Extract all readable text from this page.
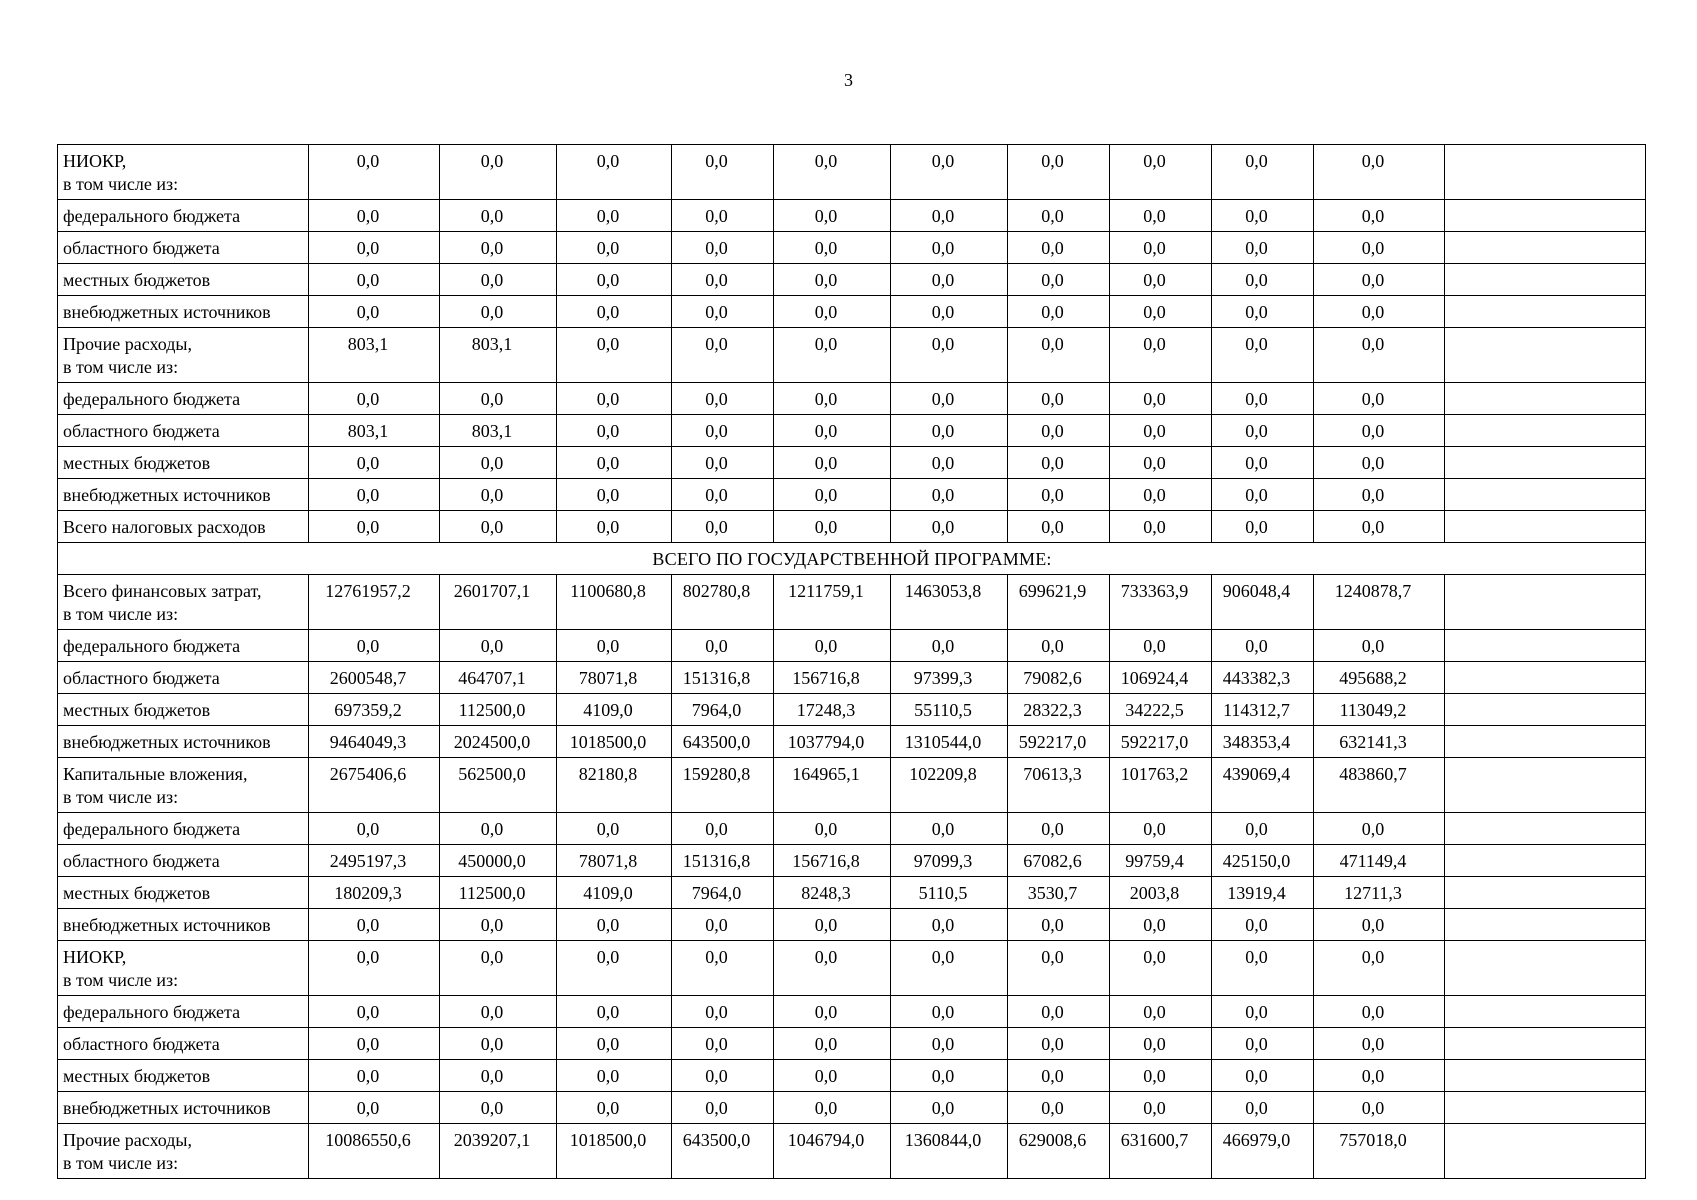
3
НИОКР,
в том числе из:	0,0	0,0	0,0	0,0	0,0	0,0	0,0	0,0	0,0	0,0	

федерального бюджета	0,0	0,0	0,0	0,0	0,0	0,0	0,0	0,0	0,0	0,0	

областного бюджета	0,0	0,0	0,0	0,0	0,0	0,0	0,0	0,0	0,0	0,0	

местных бюджетов	0,0	0,0	0,0	0,0	0,0	0,0	0,0	0,0	0,0	0,0	

внебюджетных источников	0,0	0,0	0,0	0,0	0,0	0,0	0,0	0,0	0,0	0,0	

Прочие расходы,
в том числе из:	803,1	803,1	0,0	0,0	0,0	0,0	0,0	0,0	0,0	0,0	

федерального бюджета	0,0	0,0	0,0	0,0	0,0	0,0	0,0	0,0	0,0	0,0	

областного бюджета	803,1	803,1	0,0	0,0	0,0	0,0	0,0	0,0	0,0	0,0	

местных бюджетов	0,0	0,0	0,0	0,0	0,0	0,0	0,0	0,0	0,0	0,0	

внебюджетных источников	0,0	0,0	0,0	0,0	0,0	0,0	0,0	0,0	0,0	0,0	

Всего налоговых расходов	0,0	0,0	0,0	0,0	0,0	0,0	0,0	0,0	0,0	0,0	
ВСЕГО ПО ГОСУДАРСТВЕННОЙ ПРОГРАММЕ:											

Всего финансовых затрат,
в том числе из:	12761957,2	2601707,1	1100680,8	802780,8	1211759,1	1463053,8	699621,9	733363,9	906048,4	1240878,7	

федерального бюджета	0,0	0,0	0,0	0,0	0,0	0,0	0,0	0,0	0,0	0,0	

областного бюджета	2600548,7	464707,1	78071,8	151316,8	156716,8	97399,3	79082,6	106924,4	443382,3	495688,2	

местных бюджетов	697359,2	112500,0	4109,0	7964,0	17248,3	55110,5	28322,3	34222,5	114312,7	113049,2	

внебюджетных источников	9464049,3	2024500,0	1018500,0	643500,0	1037794,0	1310544,0	592217,0	592217,0	348353,4	632141,3	

Капитальные вложения,
в том числе из:	2675406,6	562500,0	82180,8	159280,8	164965,1	102209,8	70613,3	101763,2	439069,4	483860,7	

федерального бюджета	0,0	0,0	0,0	0,0	0,0	0,0	0,0	0,0	0,0	0,0	

областного бюджета	2495197,3	450000,0	78071,8	151316,8	156716,8	97099,3	67082,6	99759,4	425150,0	471149,4	

местных бюджетов	180209,3	112500,0	4109,0	7964,0	8248,3	5110,5	3530,7	2003,8	13919,4	12711,3	

внебюджетных источников	0,0	0,0	0,0	0,0	0,0	0,0	0,0	0,0	0,0	0,0	

НИОКР,
в том числе из:	0,0	0,0	0,0	0,0	0,0	0,0	0,0	0,0	0,0	0,0	

федерального бюджета	0,0	0,0	0,0	0,0	0,0	0,0	0,0	0,0	0,0	0,0	

областного бюджета	0,0	0,0	0,0	0,0	0,0	0,0	0,0	0,0	0,0	0,0	

местных бюджетов	0,0	0,0	0,0	0,0	0,0	0,0	0,0	0,0	0,0	0,0	

внебюджетных источников	0,0	0,0	0,0	0,0	0,0	0,0	0,0	0,0	0,0	0,0	

Прочие расходы,
в том числе из:	10086550,6	2039207,1	1018500,0	643500,0	1046794,0	1360844,0	629008,6	631600,7	466979,0	757018,0	
